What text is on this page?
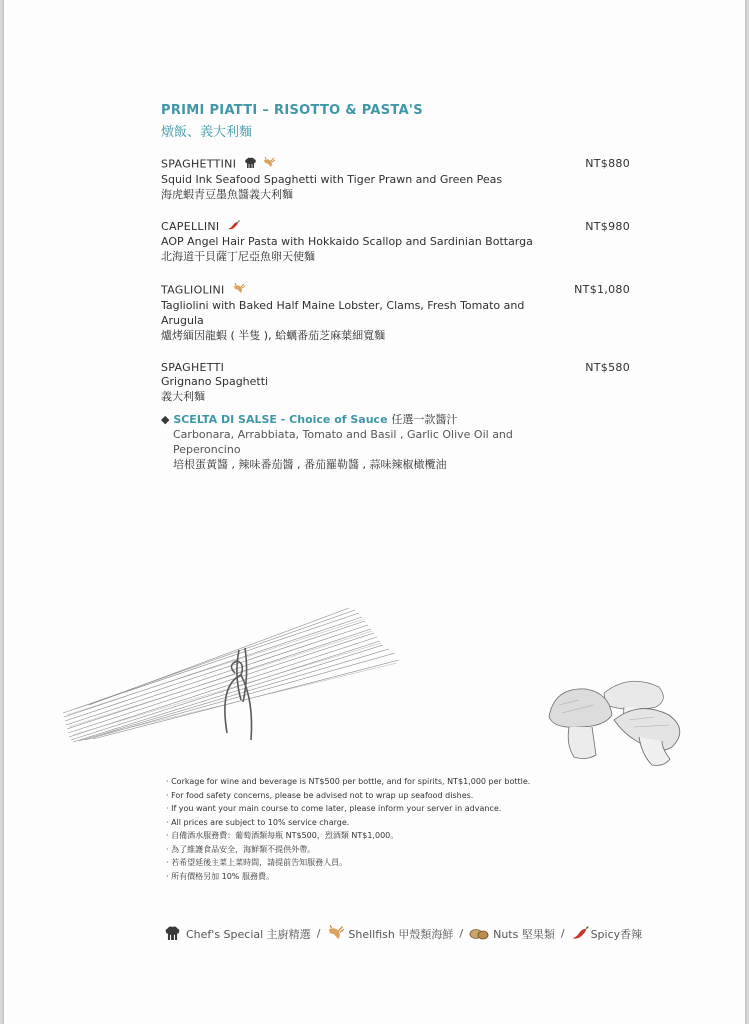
PRIMI PIATTI – RISOTTO & PASTA'S
燉飯、義大利麵
SPAGHETTINI
Squid Ink Seafood Spaghetti with Tiger Prawn and Green Peas
海虎蝦青豆墨魚醬義大利麵
NT$880
CAPELLINI
AOP Angel Hair Pasta with Hokkaido Scallop and Sardinian Bottarga
北海道干貝薩丁尼亞魚卵天使麵
NT$980
TAGLIOLINI
Tagliolini with Baked Half Maine Lobster, Clams, Fresh Tomato and
Arugula
爐烤緬因龍蝦 ( 半隻 ), 蛤蠣番茄芝麻葉細寬麵
NT$1,080
SPAGHETTI
Grignano Spaghetti
義大利麵
NT$580
◆ SCELTA DI SALSE - Choice of Sauce 任選一款醬汁
Carbonara, Arrabbiata, Tomato and Basil , Garlic Olive Oil and
Peperoncino
培根蛋黃醬 , 辣味番茄醬 , 番茄羅勒醬 , 蒜味辣椒橄欖油
· Corkage for wine and beverage is NT$500 per bottle, and for spirits, NT$1,000 per bottle.
· For food safety concerns, please be advised not to wrap up seafood dishes.
· If you want your main course to come later, please inform your server in advance.
· All prices are subject to 10% service charge.
· 自備酒水服務費：葡萄酒類每瓶 NT$500，烈酒類 NT$1,000。
· 為了維護食品安全，海鮮類不提供外帶。
· 若希望延後主菜上菜時間，請提前告知服務人員。
· 所有價格另加 10% 服務費。
Chef's Special 主廚精選 /	Shellfish 甲殼類海鮮 /	Nuts 堅果類 / Spicy香辣
